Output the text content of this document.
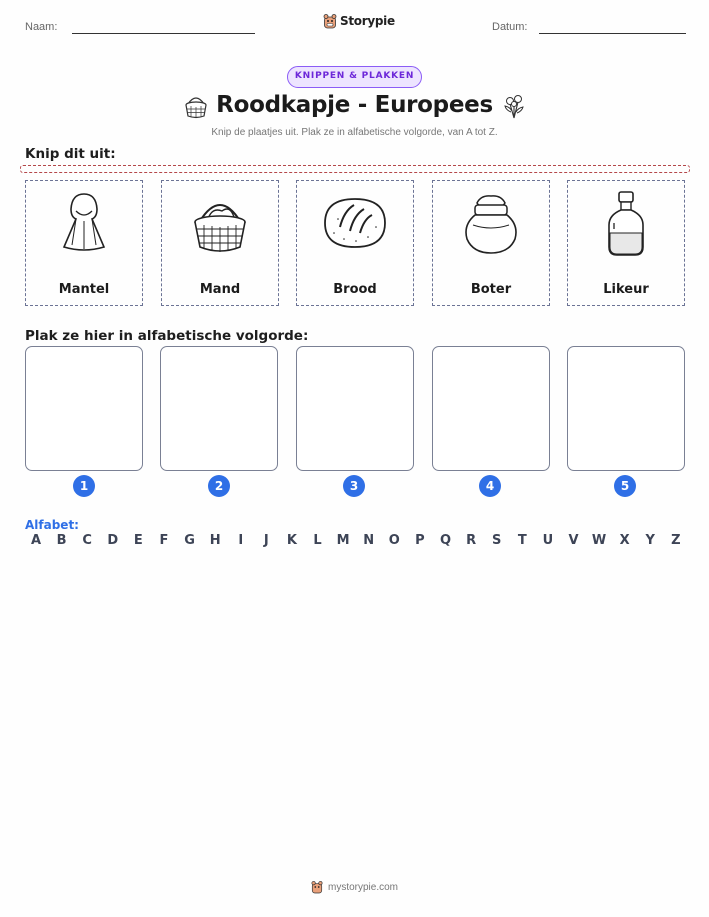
Naam:	Storypie	Datum:
KNIPPEN & PLAKKEN
Roodkapje - Europees
Knip de plaatjes uit. Plak ze in alfabetische volgorde, van A tot Z.
Knip dit uit:
Mantel	Mand	Brood	Boter	Likeur
Plak ze hier in alfabetische volgorde:
1	2	3	4	5
Alfabet:
A	B	C	D	E	F	G	H	I	J	K	L	M	N	O	P	Q	R	S	T	U	V	W	X	Y	Z
mystorypie.com
